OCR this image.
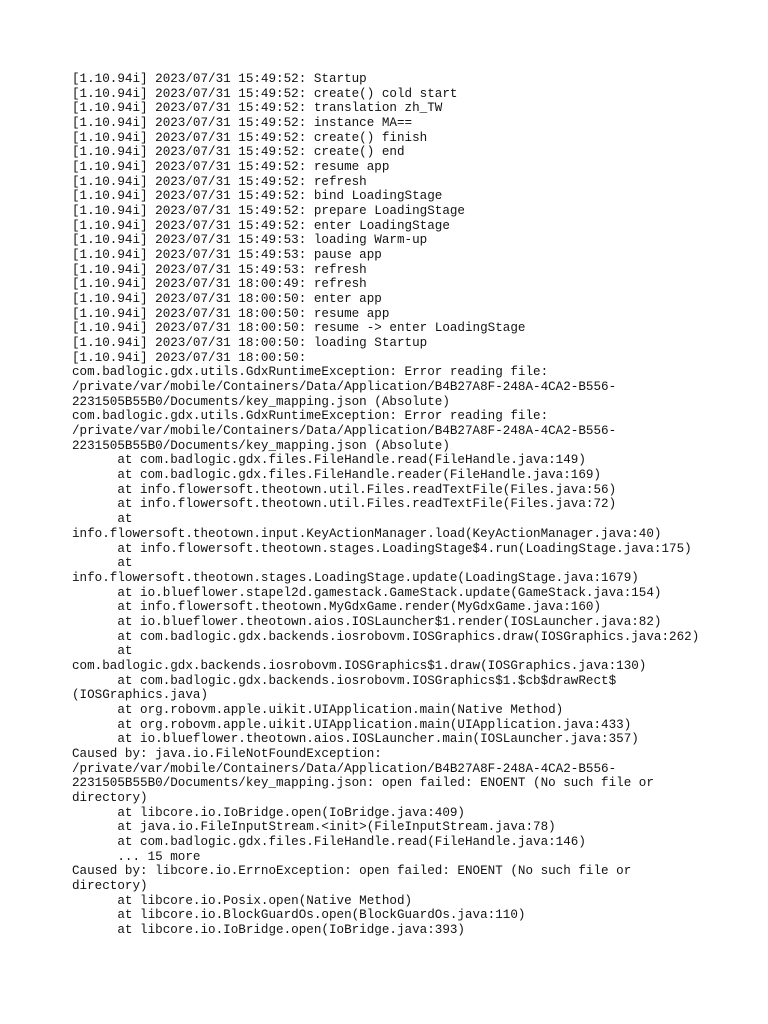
[1.10.94i] 2023/07/31 15:49:52: Startup
[1.10.94i] 2023/07/31 15:49:52: create() cold start
[1.10.94i] 2023/07/31 15:49:52: translation zh_TW
[1.10.94i] 2023/07/31 15:49:52: instance MA==
[1.10.94i] 2023/07/31 15:49:52: create() finish
[1.10.94i] 2023/07/31 15:49:52: create() end
[1.10.94i] 2023/07/31 15:49:52: resume app
[1.10.94i] 2023/07/31 15:49:52: refresh
[1.10.94i] 2023/07/31 15:49:52: bind LoadingStage
[1.10.94i] 2023/07/31 15:49:52: prepare LoadingStage
[1.10.94i] 2023/07/31 15:49:52: enter LoadingStage
[1.10.94i] 2023/07/31 15:49:53: loading Warm-up
[1.10.94i] 2023/07/31 15:49:53: pause app
[1.10.94i] 2023/07/31 15:49:53: refresh
[1.10.94i] 2023/07/31 18:00:49: refresh
[1.10.94i] 2023/07/31 18:00:50: enter app
[1.10.94i] 2023/07/31 18:00:50: resume app
[1.10.94i] 2023/07/31 18:00:50: resume -> enter LoadingStage
[1.10.94i] 2023/07/31 18:00:50: loading Startup
[1.10.94i] 2023/07/31 18:00:50:
com.badlogic.gdx.utils.GdxRuntimeException: Error reading file:
/private/var/mobile/Containers/Data/Application/B4B27A8F-248A-4CA2-B556-
2231505B55B0/Documents/key_mapping.json (Absolute)
com.badlogic.gdx.utils.GdxRuntimeException: Error reading file:
/private/var/mobile/Containers/Data/Application/B4B27A8F-248A-4CA2-B556-
2231505B55B0/Documents/key_mapping.json (Absolute)
at com.badlogic.gdx.files.FileHandle.read(FileHandle.java:149)
at com.badlogic.gdx.files.FileHandle.reader(FileHandle.java:169)
at info.flowersoft.theotown.util.Files.readTextFile(Files.java:56)
at info.flowersoft.theotown.util.Files.readTextFile(Files.java:72)
at
info.flowersoft.theotown.input.KeyActionManager.load(KeyActionManager.java:40)
at info.flowersoft.theotown.stages.LoadingStage$4.run(LoadingStage.java:175)
at
info.flowersoft.theotown.stages.LoadingStage.update(LoadingStage.java:1679)
at io.blueflower.stapel2d.gamestack.GameStack.update(GameStack.java:154)
at info.flowersoft.theotown.MyGdxGame.render(MyGdxGame.java:160)
at io.blueflower.theotown.aios.IOSLauncher$1.render(IOSLauncher.java:82)
at com.badlogic.gdx.backends.iosrobovm.IOSGraphics.draw(IOSGraphics.java:262)
at
com.badlogic.gdx.backends.iosrobovm.IOSGraphics$1.draw(IOSGraphics.java:130)
at com.badlogic.gdx.backends.iosrobovm.IOSGraphics$1.$cb$drawRect$
(IOSGraphics.java)
at org.robovm.apple.uikit.UIApplication.main(Native Method)
at org.robovm.apple.uikit.UIApplication.main(UIApplication.java:433)
at io.blueflower.theotown.aios.IOSLauncher.main(IOSLauncher.java:357)
Caused by: java.io.FileNotFoundException:
/private/var/mobile/Containers/Data/Application/B4B27A8F-248A-4CA2-B556-
2231505B55B0/Documents/key_mapping.json: open failed: ENOENT (No such file or
directory)
at libcore.io.IoBridge.open(IoBridge.java:409)
at java.io.FileInputStream.<init>(FileInputStream.java:78)
at com.badlogic.gdx.files.FileHandle.read(FileHandle.java:146)
... 15 more
Caused by: libcore.io.ErrnoException: open failed: ENOENT (No such file or
directory)
at libcore.io.Posix.open(Native Method)
at libcore.io.BlockGuardOs.open(BlockGuardOs.java:110)
at libcore.io.IoBridge.open(IoBridge.java:393)
